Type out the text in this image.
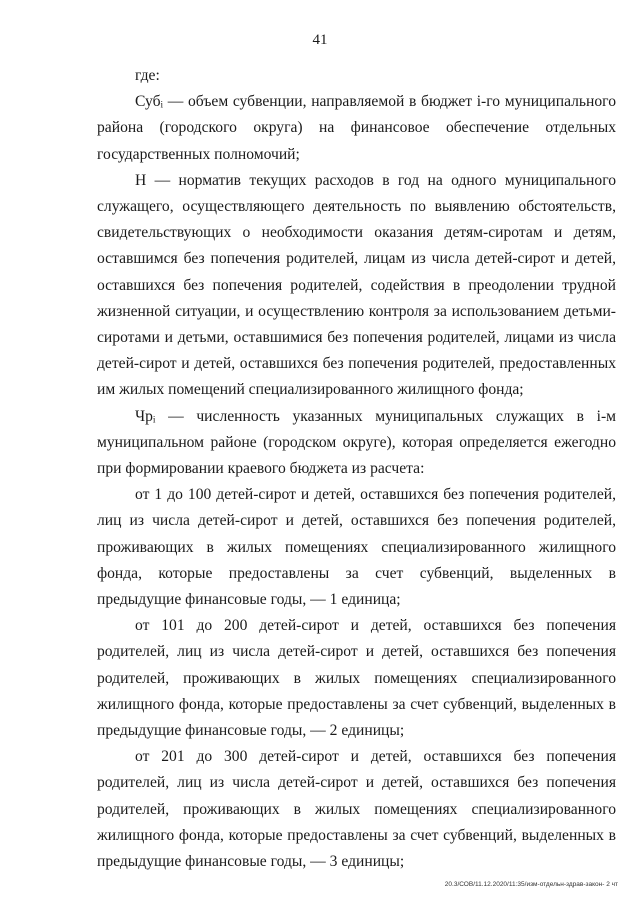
41

где:

Субᵢ — объем субвенции, направляемой в бюджет i-го муниципального района (городского округа) на финансовое обеспечение отдельных государственных полномочий;

Н — норматив текущих расходов в год на одного муниципального служащего, осуществляющего деятельность по выявлению обстоятельств, свидетельствующих о необходимости оказания детям-сиротам и детям, оставшимся без попечения родителей, лицам из числа детей-сирот и детей, оставшихся без попечения родителей, содействия в преодолении трудной жизненной ситуации, и осуществлению контроля за использованием детьми-сиротами и детьми, оставшимися без попечения родителей, лицами из числа детей-сирот и детей, оставшихся без попечения родителей, предоставленных им жилых помещений специализированного жилищного фонда;

Чрᵢ — численность указанных муниципальных служащих в i-м муниципальном районе (городском округе), которая определяется ежегодно при формировании краевого бюджета из расчета:

от 1 до 100 детей-сирот и детей, оставшихся без попечения родителей, лиц из числа детей-сирот и детей, оставшихся без попечения родителей, проживающих в жилых помещениях специализированного жилищного фонда, которые предоставлены за счет субвенций, выделенных в предыдущие финансовые годы, — 1 единица;

от 101 до 200 детей-сирот и детей, оставшихся без попечения родителей, лиц из числа детей-сирот и детей, оставшихся без попечения родителей, проживающих в жилых помещениях специализированного жилищного фонда, которые предоставлены за счет субвенций, выделенных в предыдущие финансовые годы, — 2 единицы;

от 201 до 300 детей-сирот и детей, оставшихся без попечения родителей, лиц из числа детей-сирот и детей, оставшихся без попечения родителей, проживающих в жилых помещениях специализированного жилищного фонда, которые предоставлены за счет субвенций, выделенных в предыдущие финансовые годы, — 3 единицы;

20.3/СОВ/11.12.2020/11:35/изм-отдельн-здрав-закон- 2 чт
